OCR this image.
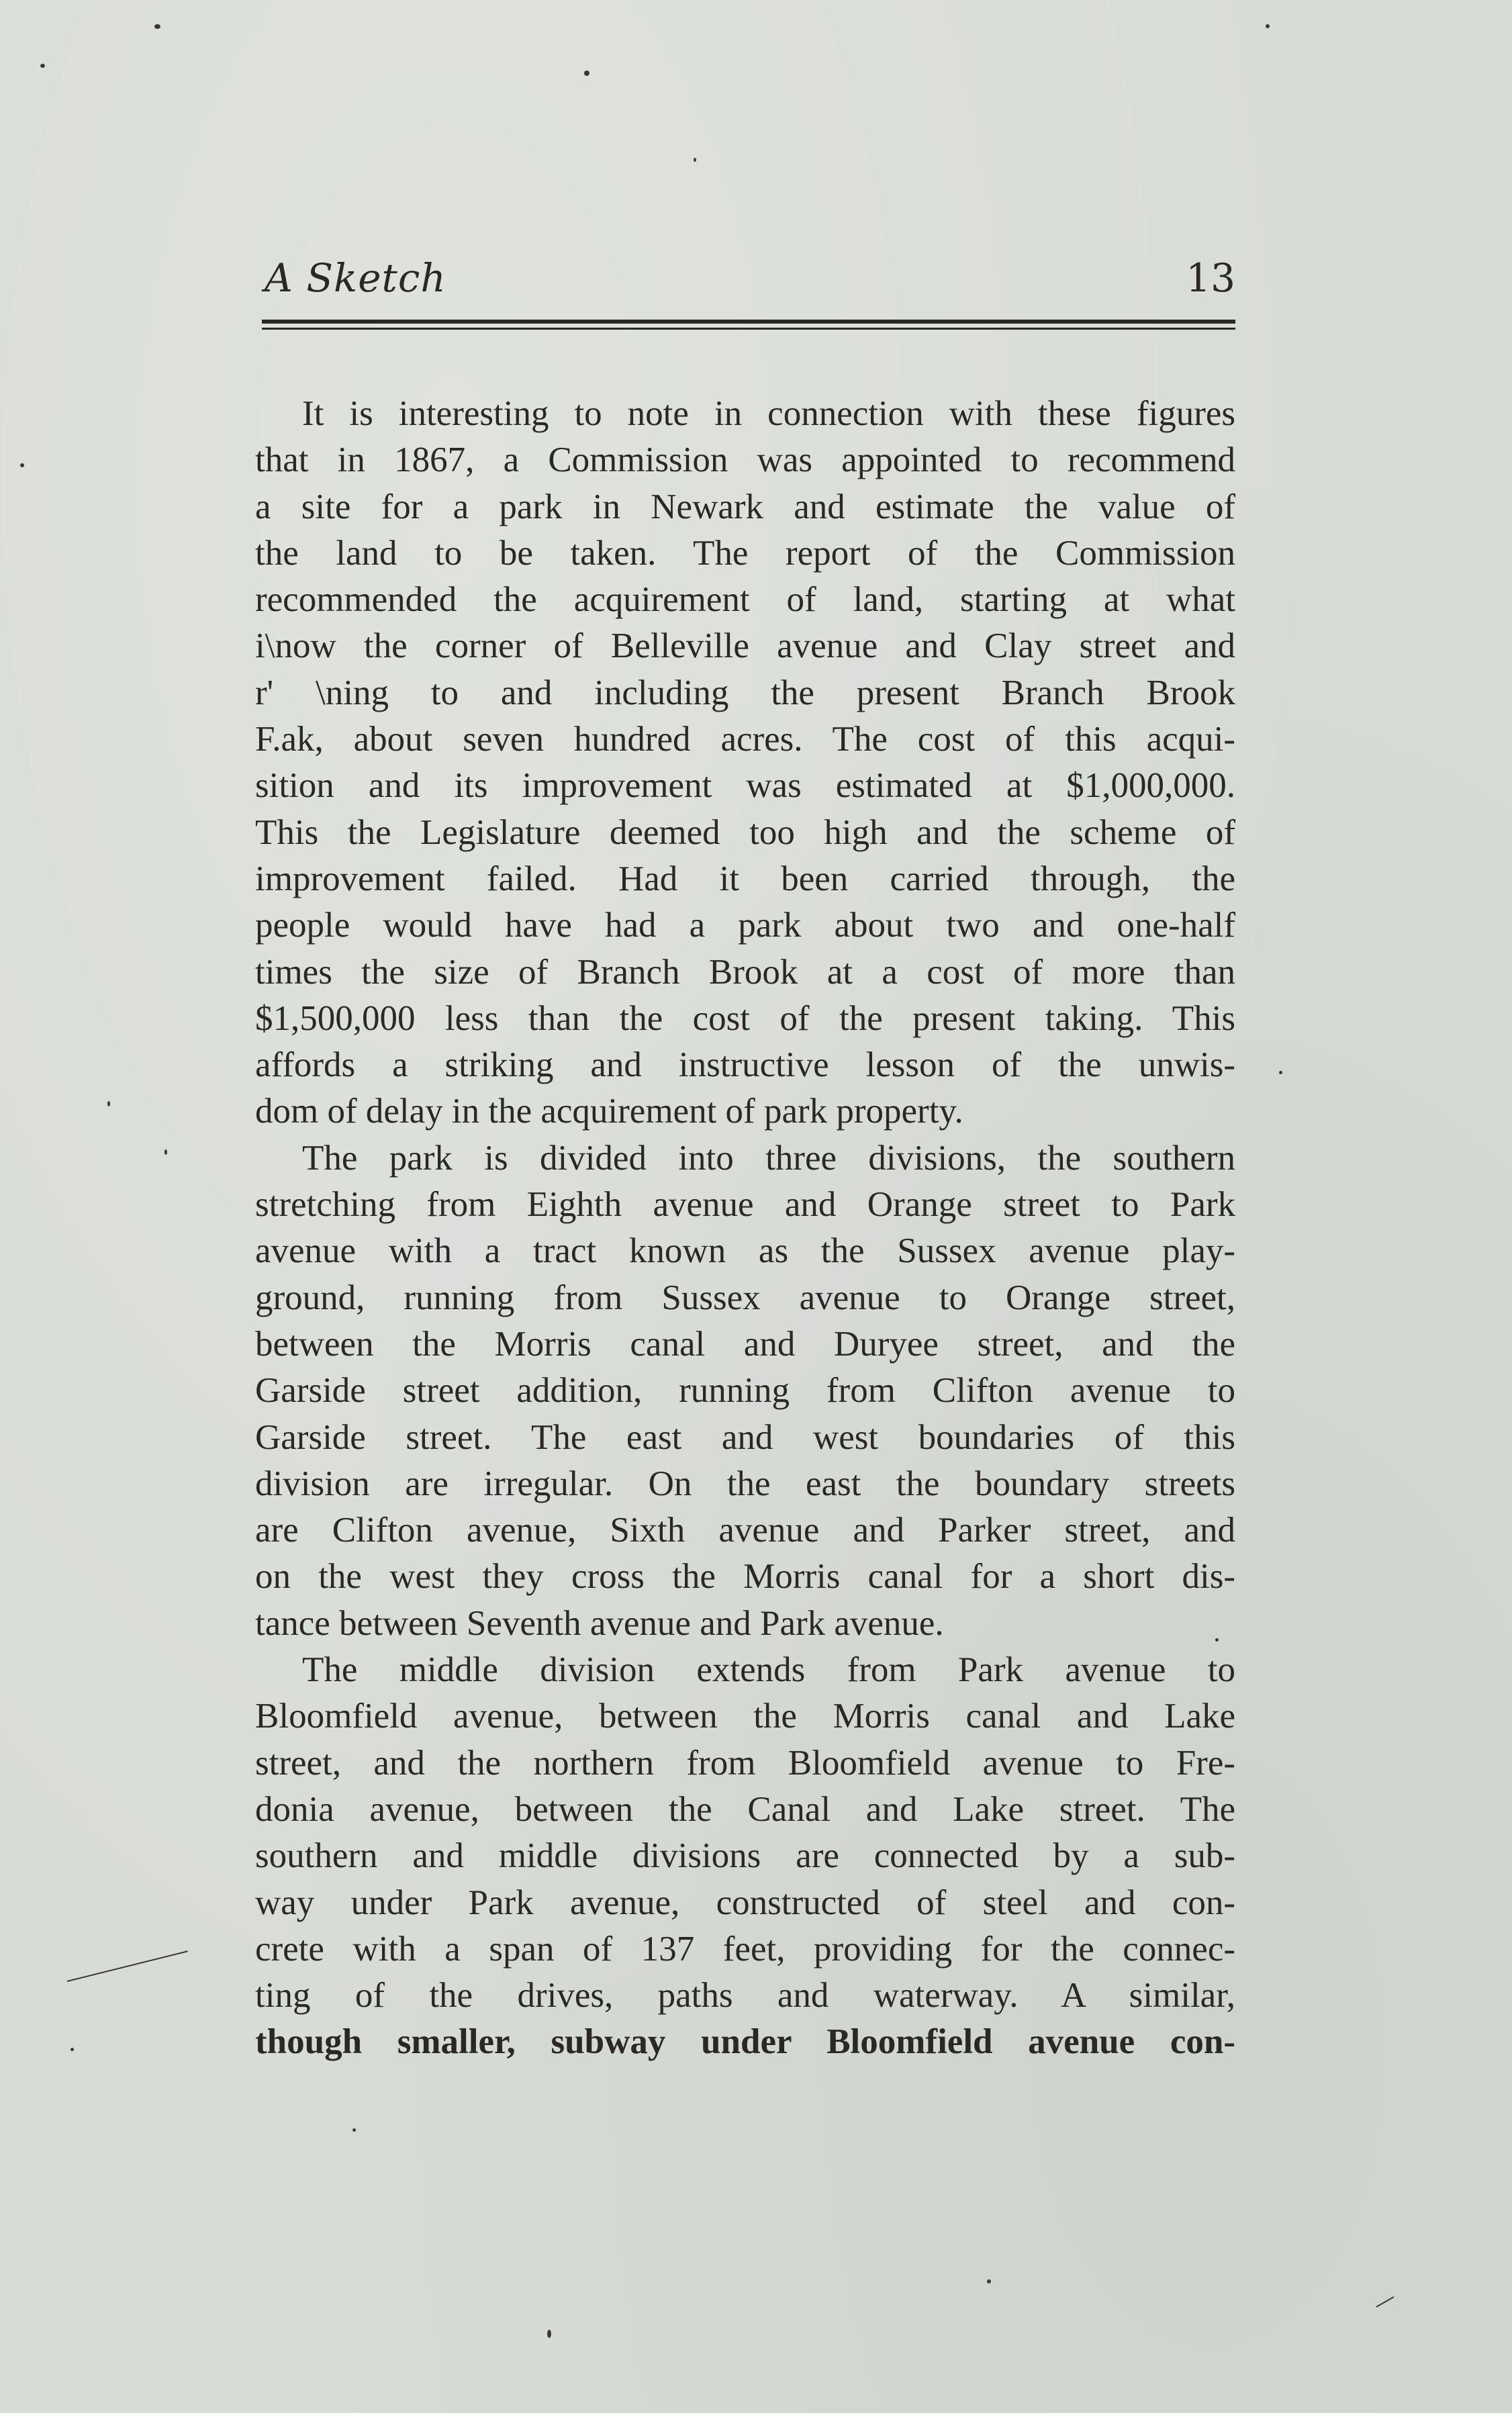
A Sketch	13
It is interesting to note in connection with these figures
that in 1867, a Commission was appointed to recommend
a site for a park in Newark and estimate the value of
the land to be taken. The report of the Commission
recommended the acquirement of land, starting at what
i\now the corner of Belleville avenue and Clay street and
r' \ning to and including the present Branch Brook
F.ak, about seven hundred acres. The cost of this acqui-
sition and its improvement was estimated at $1,000,000.
This the Legislature deemed too high and the scheme of
improvement failed. Had it been carried through, the
people would have had a park about two and one-half
times the size of Branch Brook at a cost of more than
$1,500,000 less than the cost of the present taking. This
affords a striking and instructive lesson of the unwis-
dom of delay in the acquirement of park property.
The park is divided into three divisions, the southern
stretching from Eighth avenue and Orange street to Park
avenue with a tract known as the Sussex avenue play-
ground, running from Sussex avenue to Orange street,
between the Morris canal and Duryee street, and the
Garside street addition, running from Clifton avenue to
Garside street. The east and west boundaries of this
division are irregular. On the east the boundary streets
are Clifton avenue, Sixth avenue and Parker street, and
on the west they cross the Morris canal for a short dis-
tance between Seventh avenue and Park avenue.
The middle division extends from Park avenue to
Bloomfield avenue, between the Morris canal and Lake
street, and the northern from Bloomfield avenue to Fre-
donia avenue, between the Canal and Lake street. The
southern and middle divisions are connected by a sub-
way under Park avenue, constructed of steel and con-
crete with a span of 137 feet, providing for the connec-
ting of the drives, paths and waterway. A similar,
though smaller, subway under Bloomfield avenue con-
